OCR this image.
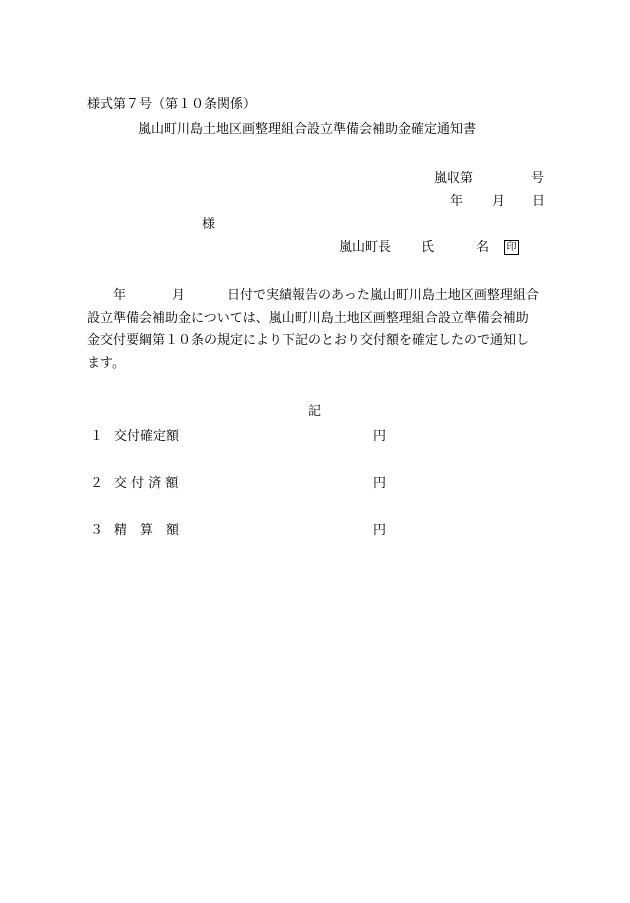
様式第７号（第１０条関係）
嵐山町川島土地区画整理組合設立準備会補助金確定通知書
嵐収第	号
年 月 日
様
嵐山町長 氏	名 印
年	月	日付で実績報告のあった嵐山町川島土地区画整理組合
設立準備会補助金については、嵐山町川島土地区画整理組合設立準備会補助
金交付要綱第１０条の規定により下記のとおり交付額を確定したので通知し
ます。
記
１ 交付確定額	円
２ 交 付 済 額	円
３ 精　算　額	円
